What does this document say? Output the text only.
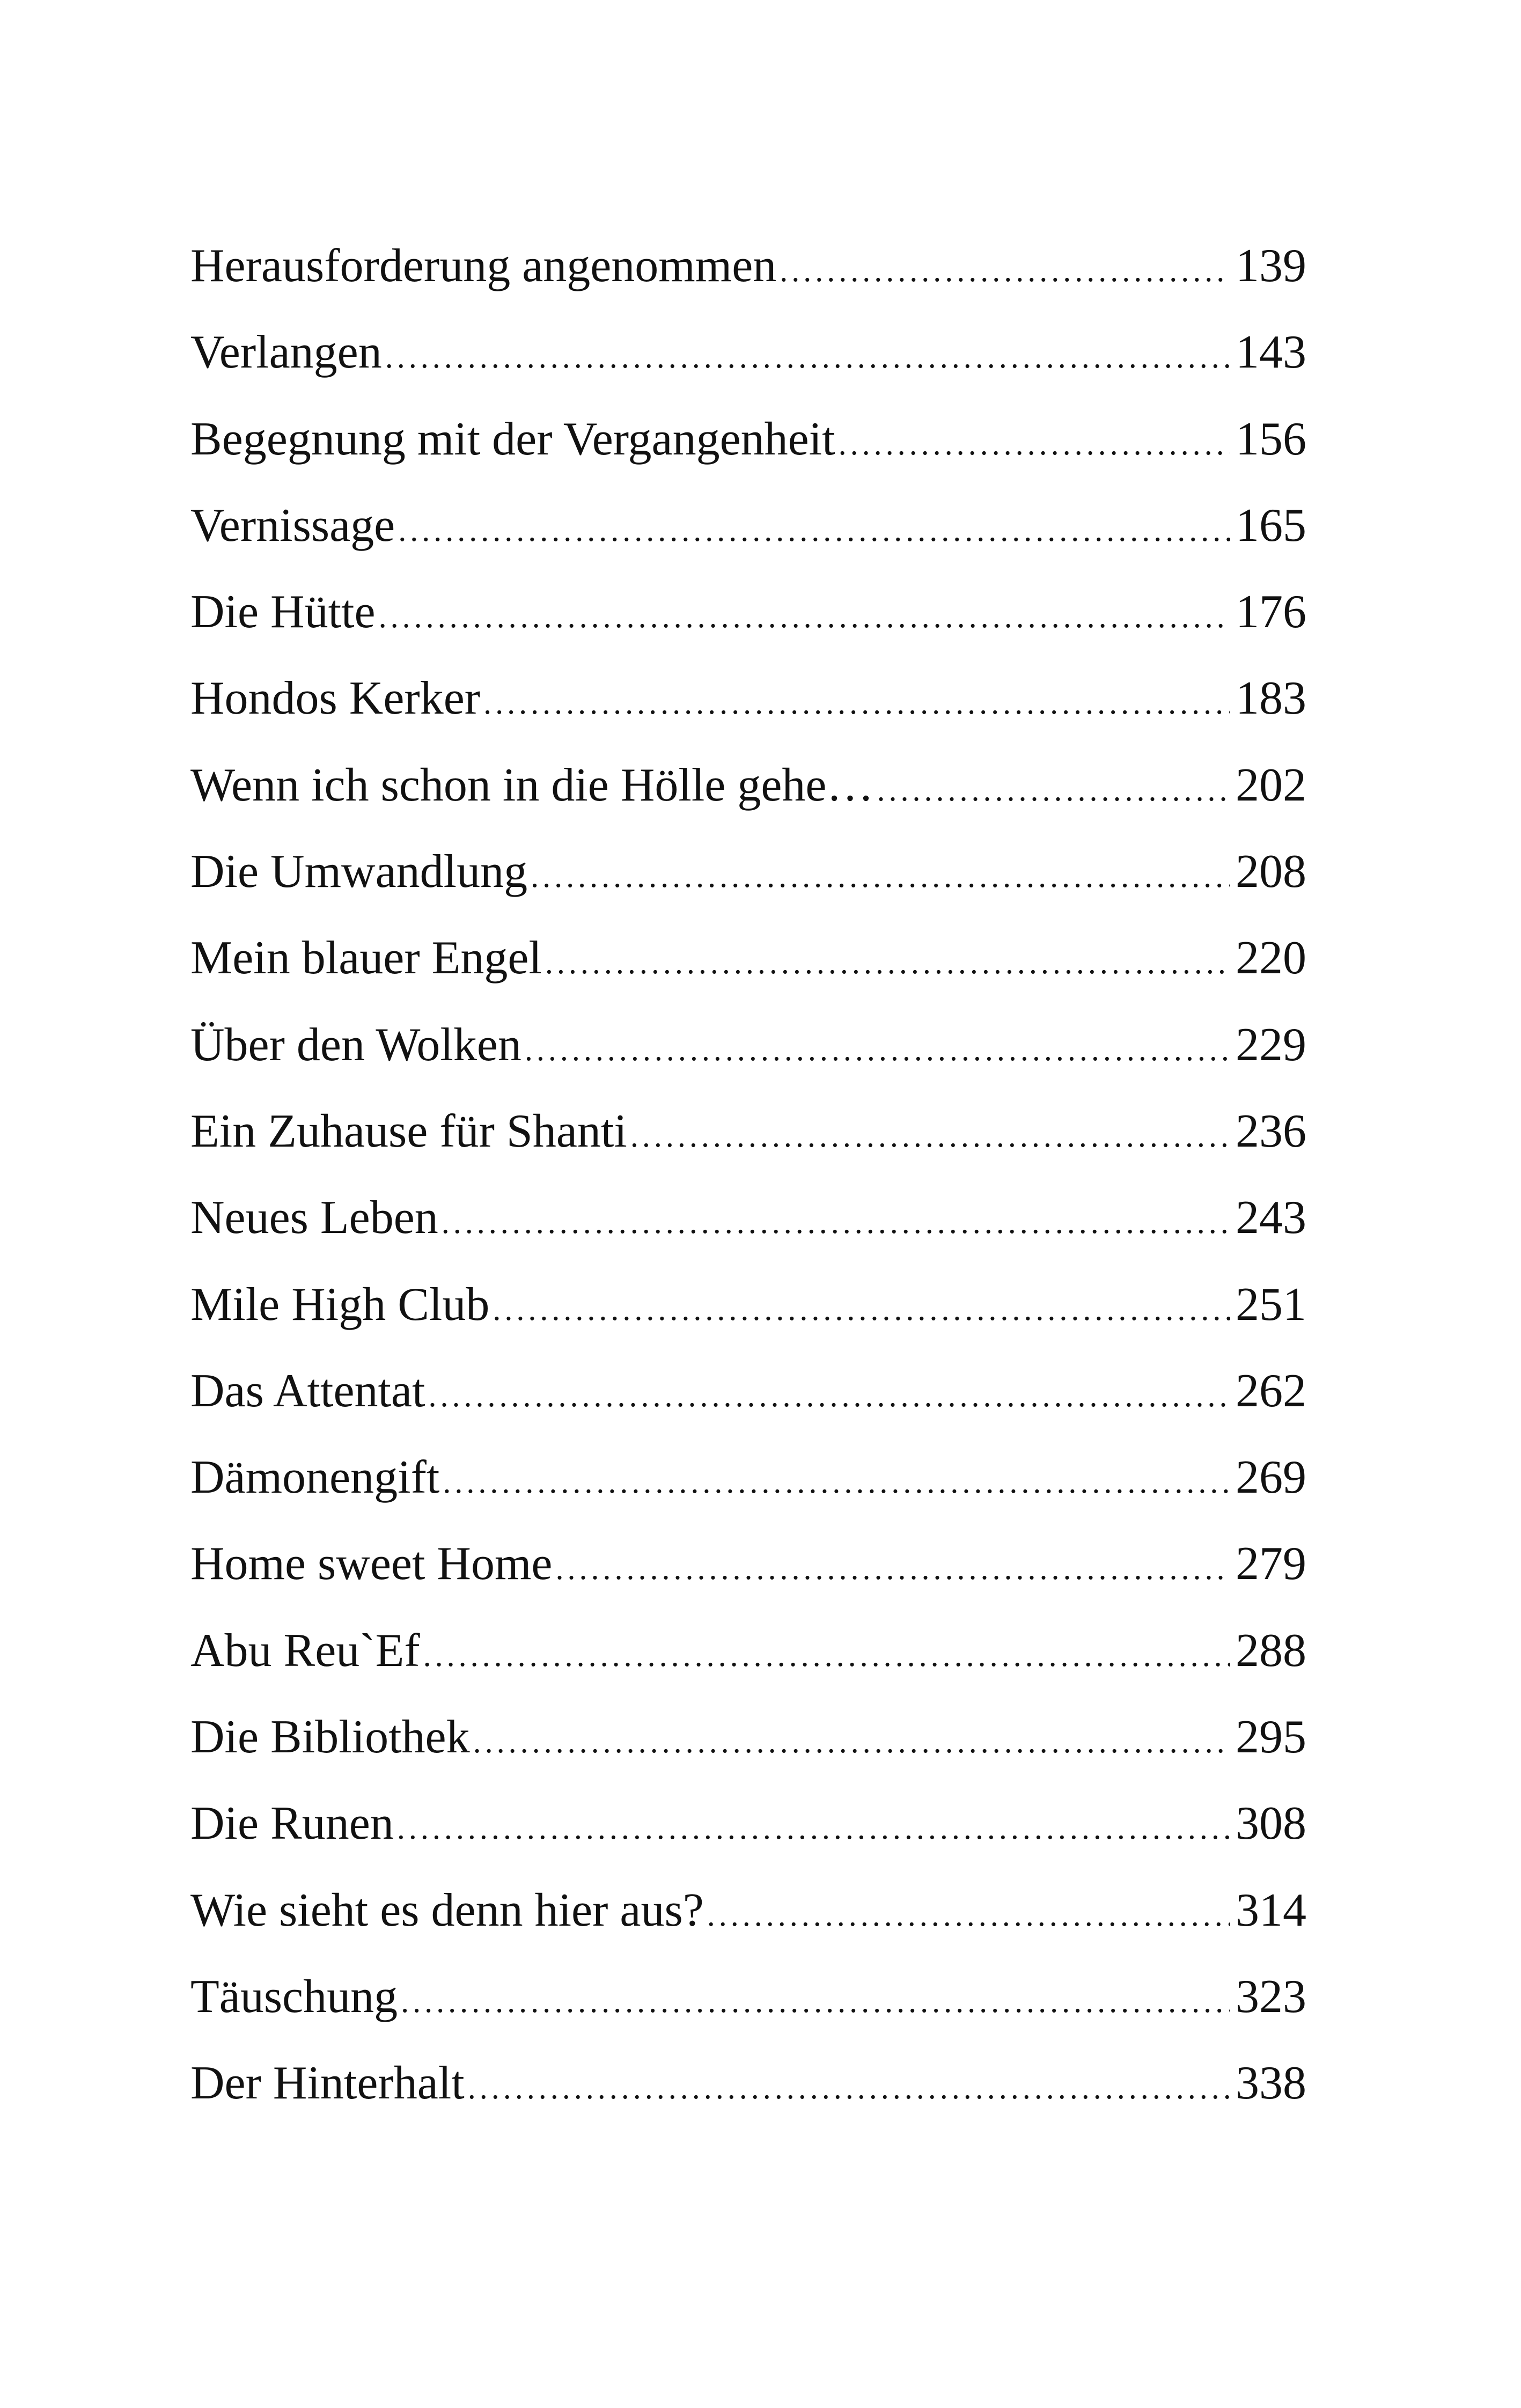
Herausforderung angenommen . . .	139
Verlangen . . .	143
Begegnung mit der Vergangenheit . . .	156
Vernissage . . .	165
Die Hütte . . .	176
Hondos Kerker . . .	183
Wenn ich schon in die Hölle gehe… . . .	202
Die Umwandlung . . .	208
Mein blauer Engel . . .	220
Über den Wolken . . .	229
Ein Zuhause für Shanti . . .	236
Neues Leben . . .	243
Mile High Club . . .	251
Das Attentat . . .	262
Dämonengift . . .	269
Home sweet Home . . .	279
Abu Reu`Ef . . .	288
Die Bibliothek . . .	295
Die Runen . . .	308
Wie sieht es denn hier aus? . . .	314
Täuschung . . .	323
Der Hinterhalt . . .	338
